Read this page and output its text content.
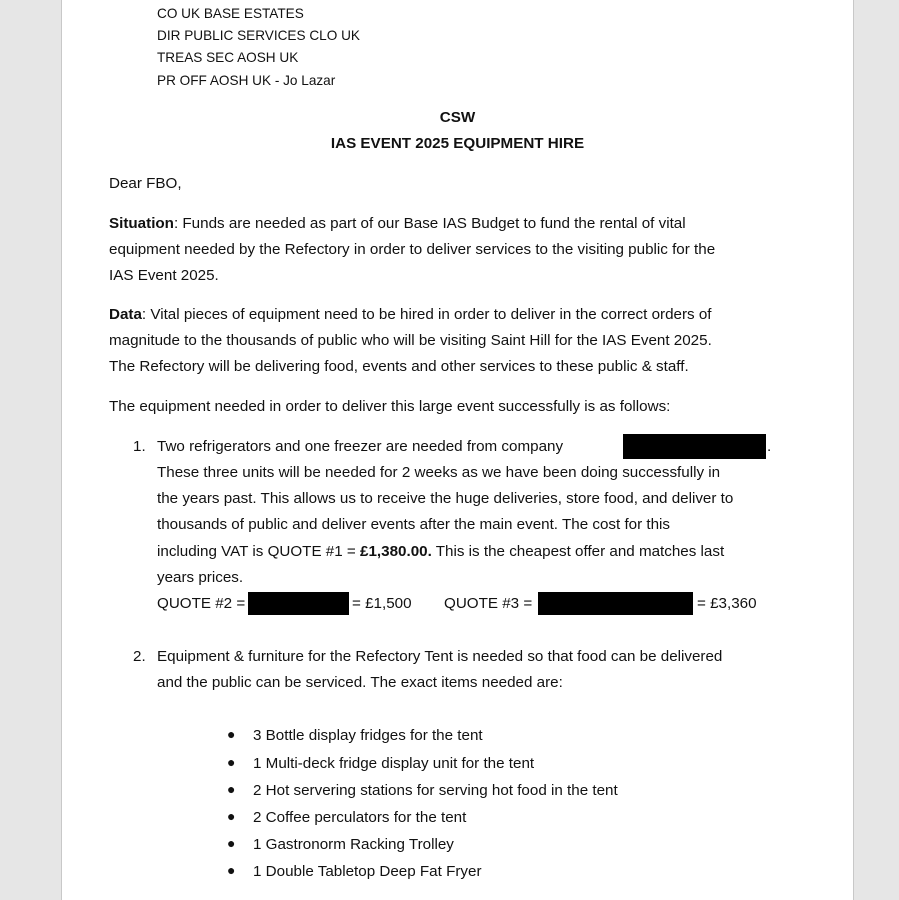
CO UK BASE ESTATES
DIR PUBLIC SERVICES CLO UK
TREAS SEC AOSH UK
PR OFF AOSH UK - Jo Lazar
CSW
IAS EVENT 2025 EQUIPMENT HIRE
Dear FBO,
Situation: Funds are needed as part of our Base IAS Budget to fund the rental of vital
equipment needed by the Refectory in order to deliver services to the visiting public for the
IAS Event 2025.
Data: Vital pieces of equipment need to be hired in order to deliver in the correct orders of
magnitude to the thousands of public who will be visiting Saint Hill for the IAS Event 2025.
The Refectory will be delivering food, events and other services to these public & staff.
The equipment needed in order to deliver this large event successfully is as follows:
1. Two refrigerators and one freezer are needed from company	.
These three units will be needed for 2 weeks as we have been doing successfully in
the years past. This allows us to receive the huge deliveries, store food, and deliver to
thousands of public and deliver events after the main event. The cost for this
including VAT is QUOTE #1 = £1,380.00. This is the cheapest offer and matches last
years prices.
QUOTE #2 =	= £1,500 QUOTE #3 =	= £3,360
2. Equipment & furniture for the Refectory Tent is needed so that food can be delivered
and the public can be serviced. The exact items needed are:
● 3 Bottle display fridges for the tent
● 1 Multi-deck fridge display unit for the tent
● 2 Hot servering stations for serving hot food in the tent
● 2 Coffee perculators for the tent
● 1 Gastronorm Racking Trolley
● 1 Double Tabletop Deep Fat Fryer
